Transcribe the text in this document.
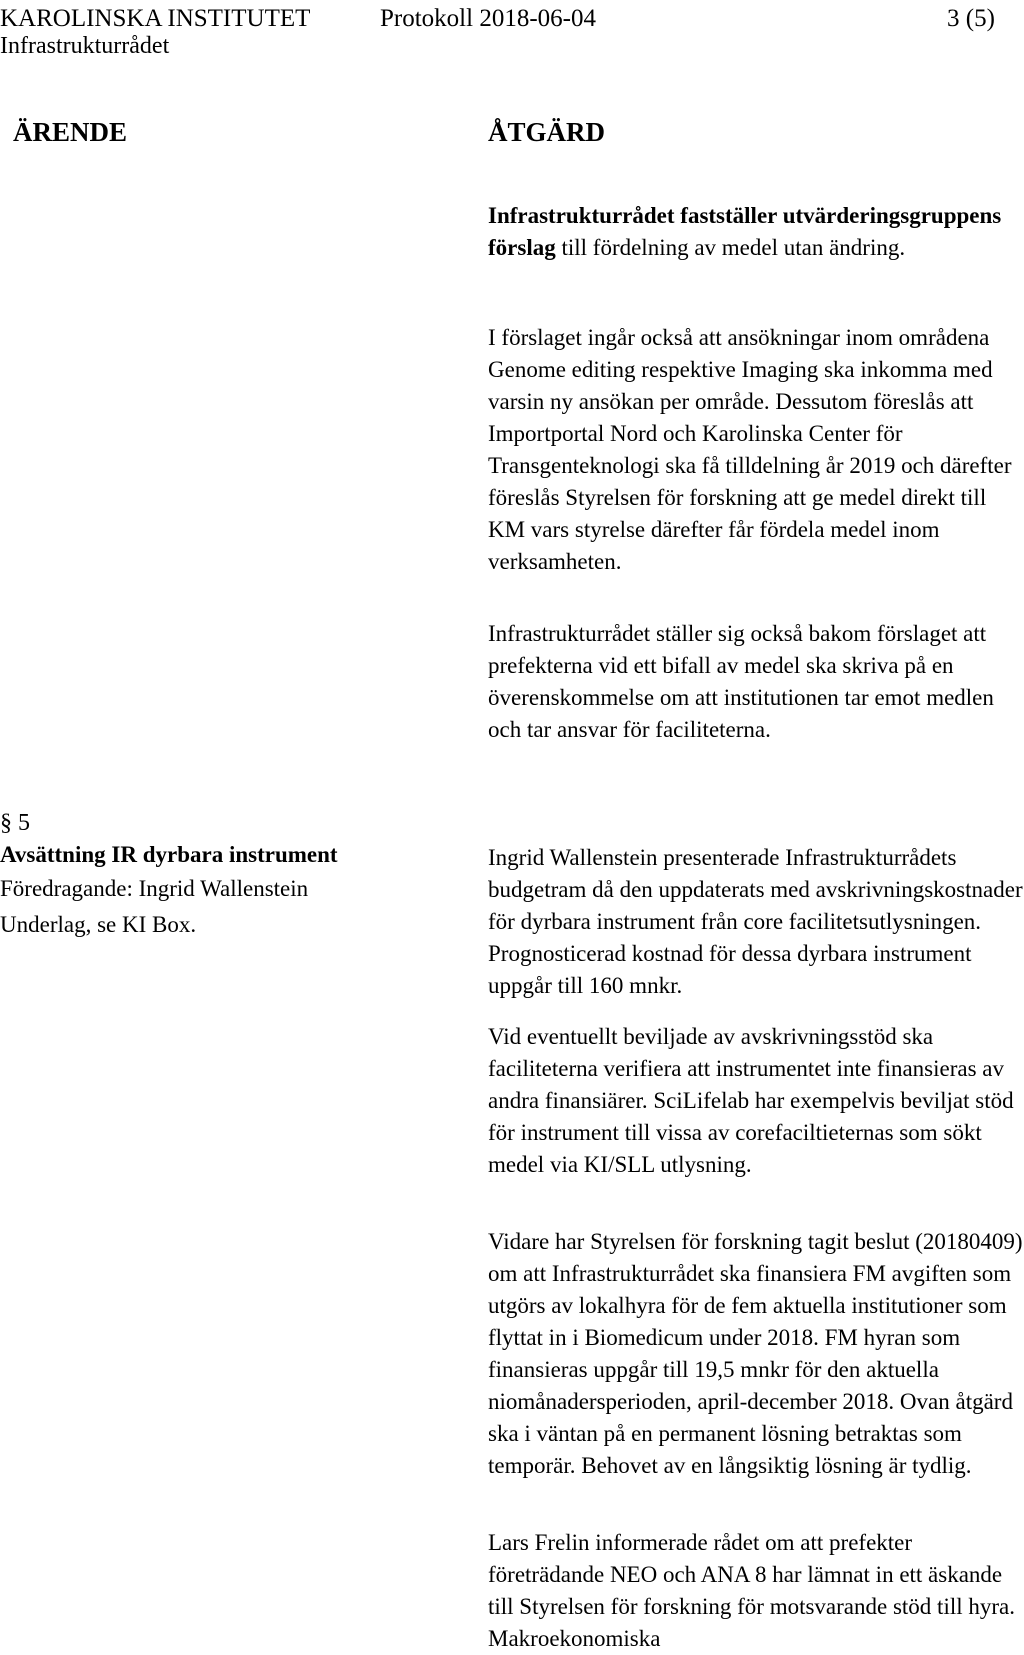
KAROLINSKA INSTITUTET
Infrastrukturrådet
Protokoll 2018-06-04	3 (5)
ÄRENDE	ÅTGÄRD

Infrastrukturrådet fastställer utvärderingsgruppens förslag till fördelning av medel utan ändring.

I förslaget ingår också att ansökningar inom områdena Genome editing respektive Imaging ska inkomma med varsin ny ansökan per område. Dessutom föreslås att Importportal Nord och Karolinska Center för Transgenteknologi ska få tilldelning år 2019 och därefter föreslås Styrelsen för forskning att ge medel direkt till KM vars styrelse därefter får fördela medel inom verksamheten.
Infrastrukturrådet ställer sig också bakom förslaget att prefekterna vid ett bifall av medel ska skriva på en överenskommelse om att institutionen tar emot medlen och tar ansvar för faciliteterna.
§ 5
Avsättning IR dyrbara instrument
Föredragande: Ingrid Wallenstein
Underlag, se KI Box.
Ingrid Wallenstein presenterade Infrastrukturrådets budgetram då den uppdaterats med avskrivningskostnader för dyrbara instrument från core facilitetsutlysningen. Prognosticerad kostnad för dessa dyrbara instrument uppgår till 160 mnkr.
Vid eventuellt beviljade av avskrivningsstöd ska faciliteterna verifiera att instrumentet inte finansieras av andra finansiärer. SciLifelab har exempelvis beviljat stöd för instrument till vissa av corefaciltieternas som sökt medel via KI/SLL utlysning.
Vidare har Styrelsen för forskning tagit beslut (20180409) om att Infrastrukturrådet ska finansiera FM avgiften som utgörs av lokalhyra för de fem aktuella institutioner som flyttat in i Biomedicum under 2018. FM hyran som finansieras uppgår till 19,5 mnkr för den aktuella niomånadersperioden, april-december 2018. Ovan åtgärd ska i väntan på en permanent lösning betraktas som temporär. Behovet av en långsiktig lösning är tydlig.
Lars Frelin informerade rådet om att prefekter företrädande NEO och ANA 8 har lämnat in ett äskande till Styrelsen för forskning för motsvarande stöd till hyra. Makroekonomiska
